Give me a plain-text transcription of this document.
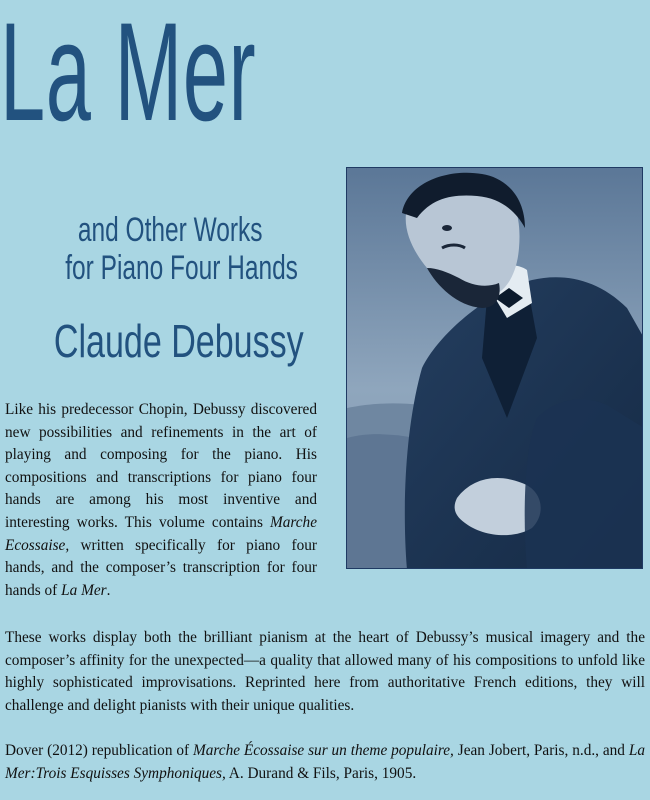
La Mer
and Other Works
for Piano Four Hands
Claude Debussy

Like his predecessor Chopin, Debussy discovered new possibilities and refinements in the art of playing and composing for the piano. His compositions and transcriptions for piano four hands are among his most inventive and interesting works. This volume contains Marche Ecossaise, written specifically for piano four hands, and the composer’s transcription for four hands of La Mer.

These works display both the brilliant pianism at the heart of Debussy’s musical imagery and the composer’s affinity for the unexpected—a quality that allowed many of his compositions to unfold like highly sophisticated improvisations. Reprinted here from authoritative French editions, they will challenge and delight pianists with their unique qualities.

Dover (2012) republication of Marche Écossaise sur un theme populaire, Jean Jobert, Paris, n.d., and La Mer:Trois Esquisses Symphoniques, A. Durand & Fils, Paris, 1905.
